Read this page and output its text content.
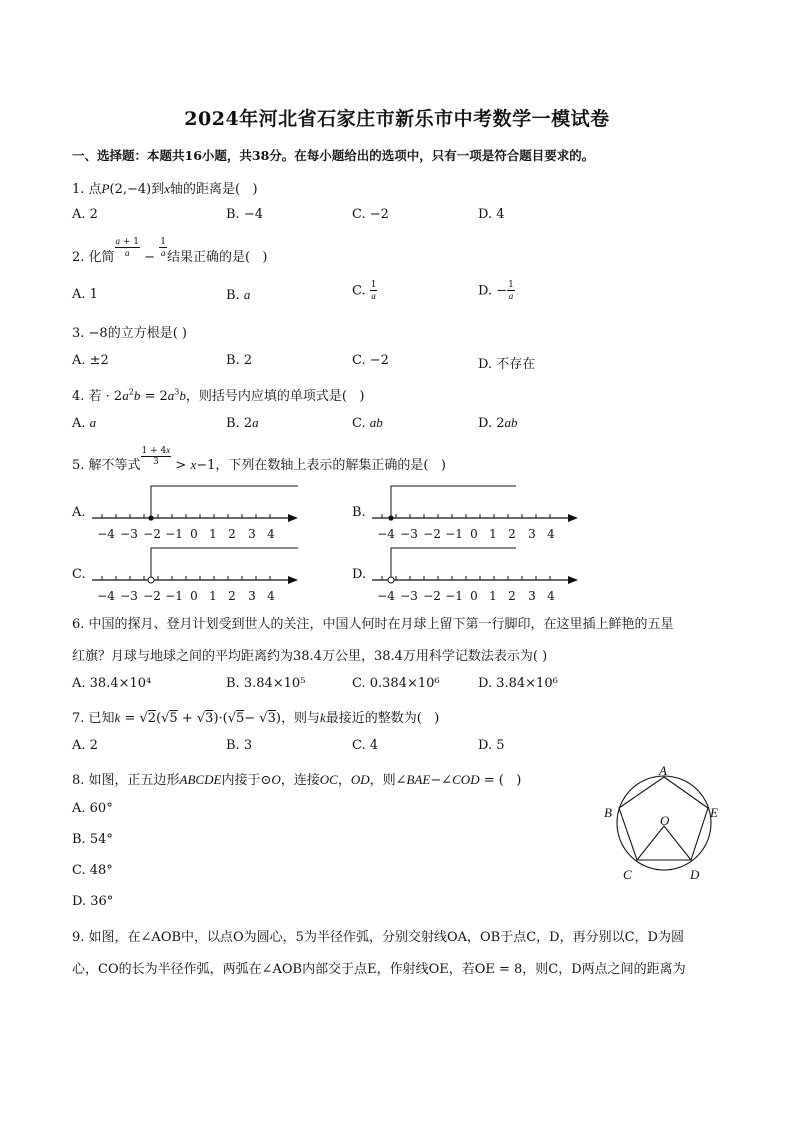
2024年河北省石家庄市新乐市中考数学一模试卷
一、选择题：本题共16小题，共38分。在每小题给出的选项中，只有一项是符合题目要求的。
1. 点P(2,−4)到x轴的距离是(   )
A. 2	B. −4	C. −2	D. 4
2. 化简 $\frac{a + 1}{a} - \frac{1}{a}$结果正确的是(   )
A. 1	B. a	C. $\frac{1}{a}$	D. − $\frac{1}{a}$
3. −8的立方根是( )
A. ±2	B. 2	C. −2	D. 不存在
4. 若 · $2a^2b = 2a^3b$，则括号内应填的单项式是(   )
A. a	B. 2a	C. ab	D. 2ab
5. 解不等式
1 + 4x
3 > x−1，下列在数轴上表示的解集正确的是(   )
A.	B.
C.	D.
−4 −3 −2 −1 0 1 2 3 4	−4 −3 −2 −1 0 1 2 3 4
−4 −3 −2 −1 0 1 2 3 4	−4 −3 −2 −1 0 1 2 3 4
6. 中国的探月、登月计划受到世人的关注，中国人何时在月球上留下第一行脚印，在这里插上鲜艳的五星
红旗？月球与地球之间的平均距离约为38.4万公里，38.4万用科学记数法表示为( )
A. 38.4×10⁴	B. 3.84×10⁵	C. 0.384×10⁶	D. 3.84×10⁶
7. 已知k = √2(√5 + √3)·(√5− √3)，则与k最接近的整数为(   )
A. 2	B. 3	C. 4	D. 5
8. 如图，正五边形ABCDE内接于⊙O，连接OC，OD，则∠BAE−∠COD = (   )
A. 60°
B. 54°
C. 48°
D. 36°
A
B
C	D
E
O
9. 如图，在∠AOB中，以点O为圆心，5为半径作弧，分别交射线OA，OB于点C，D，再分别以C，D为圆
心，CO的长为半径作弧，两弧在∠AOB内部交于点E，作射线OE，若OE = 8，则C，D两点之间的距离为
